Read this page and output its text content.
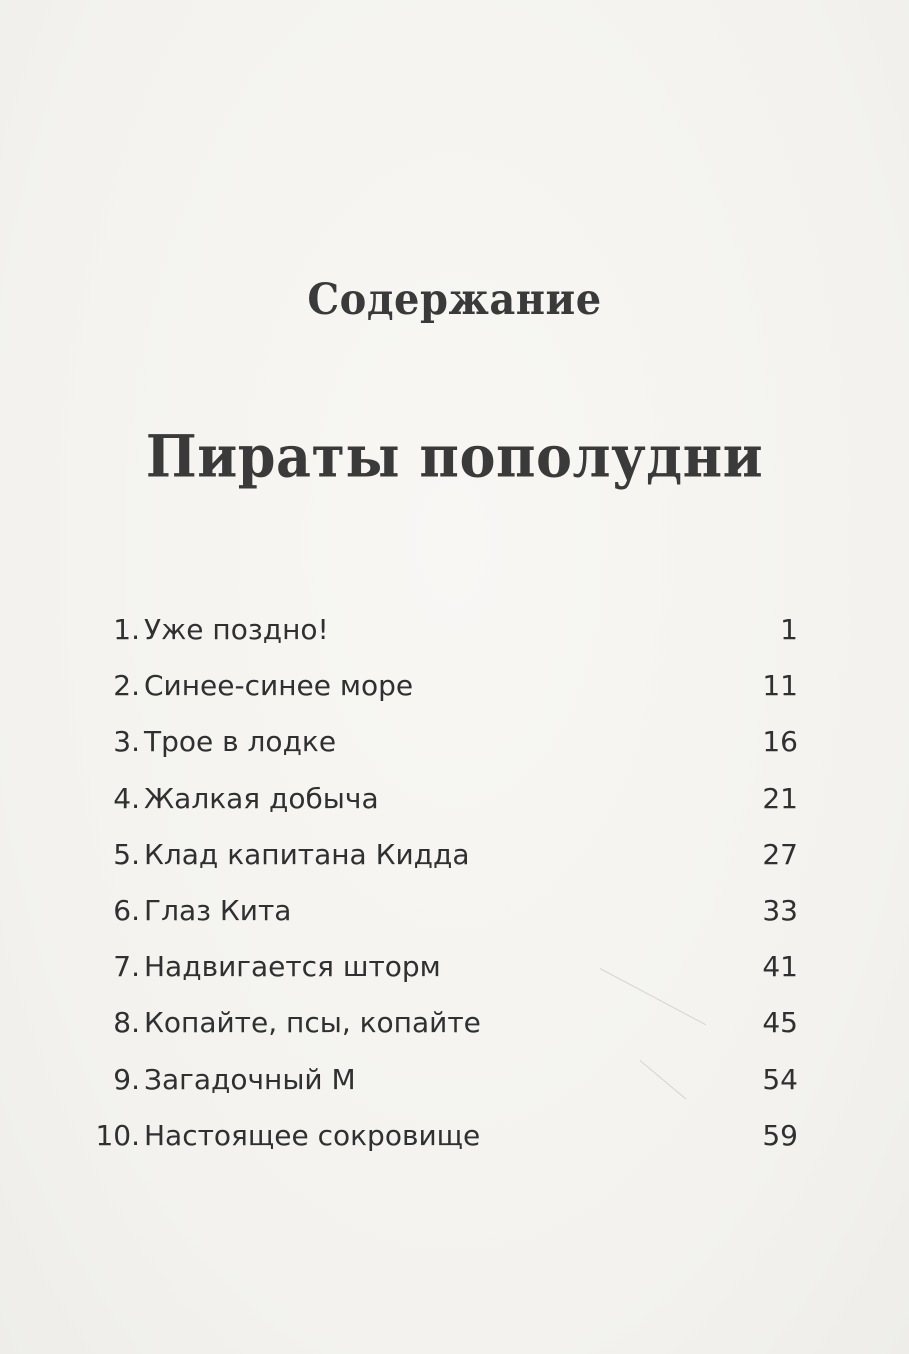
Содержание
Пираты пополудни
1. Уже поздно!	1
2. Синее-синее море	11
3. Трое в лодке	16
4. Жалкая добыча	21
5. Клад капитана Кидда	27
6. Глаз Кита	33
7. Надвигается шторм	41
8. Копайте, псы, копайте	45
9. Загадочный М	54
10. Настоящее сокровище	59
